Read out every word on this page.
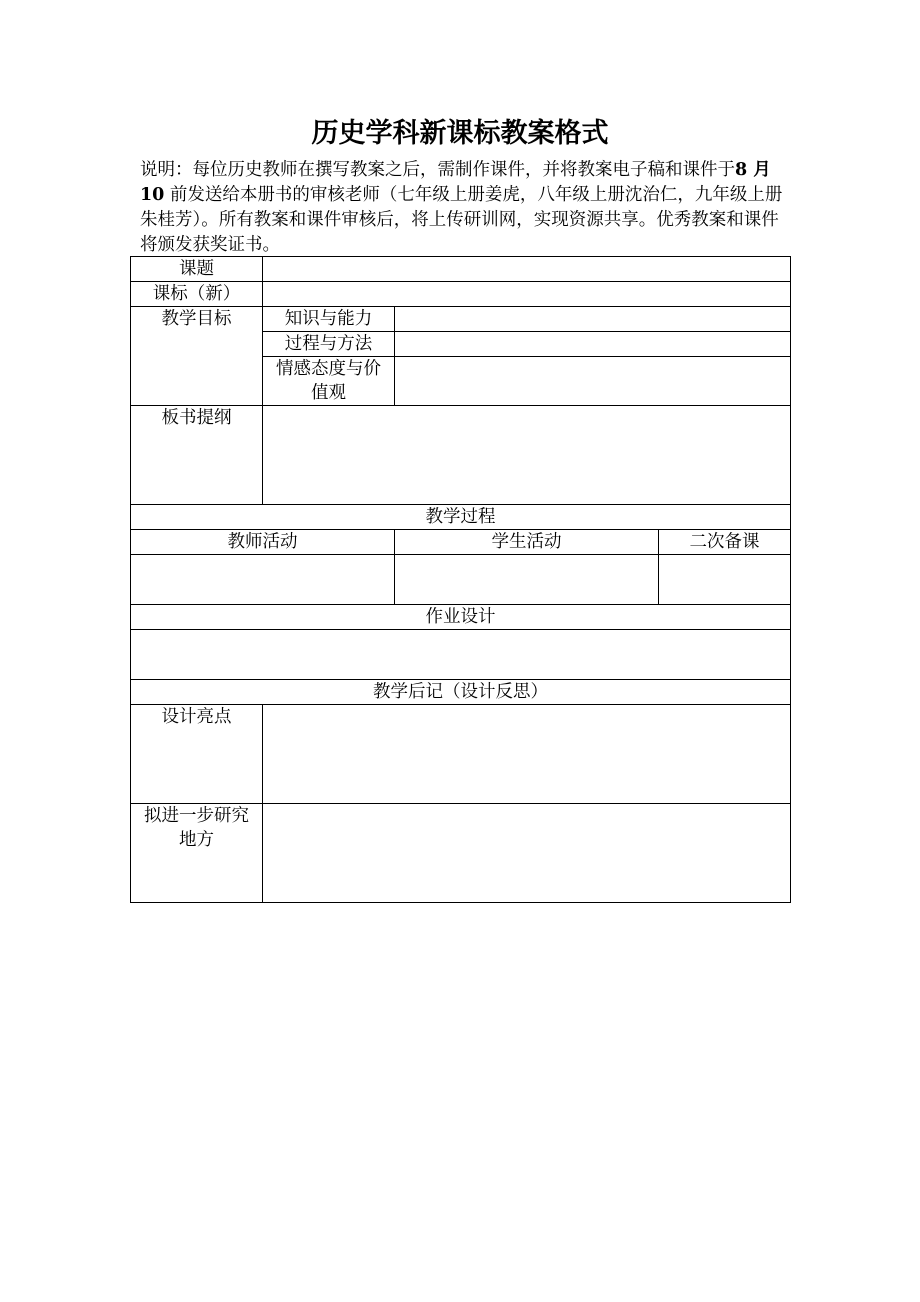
历史学科新课标教案格式
说明：每位历史教师在撰写教案之后，需制作课件，并将教案电子稿和课件于8 月 10 前发送给本册书的审核老师（七年级上册姜虎，八年级上册沈治仁，九年级上册朱桂芳）。所有教案和课件审核后，将上传研训网，实现资源共享。优秀教案和课件将颁发获奖证书。
课题			
课标（新）			
教学目标	知识与能力		
	过程与方法		
	情感态度与价值观		
板书提纲			
教学过程			
教师活动		学生活动	二次备课

作业设计			

教学后记（设计反思）			
设计亮点			
拟进一步研究地方			
